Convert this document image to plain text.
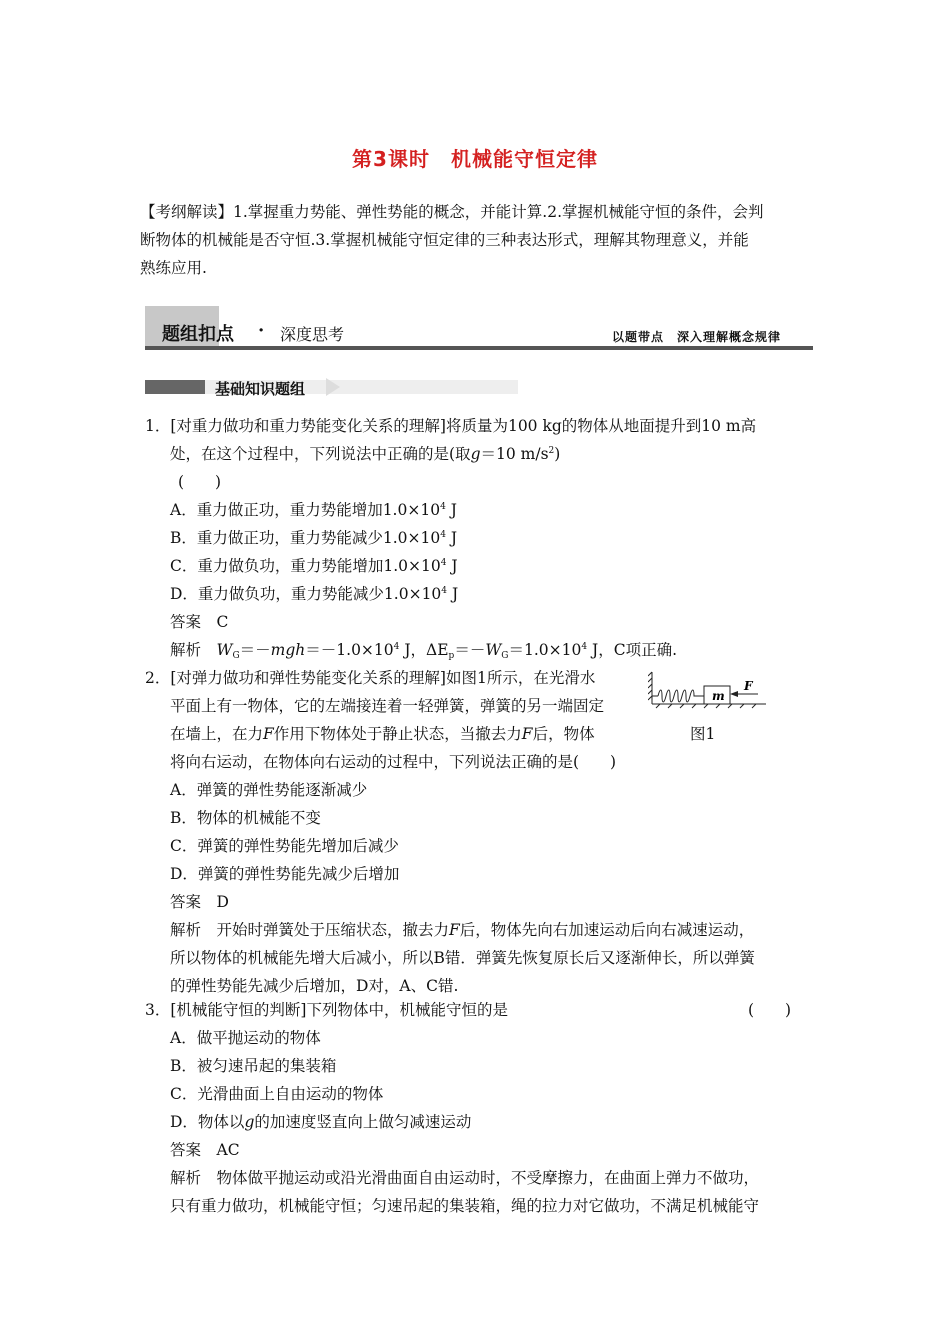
第3课时　机械能守恒定律
【考纲解读】1.掌握重力势能、弹性势能的概念，并能计算.2.掌握机械能守恒的条件，会判
断物体的机械能是否守恒.3.掌握机械能守恒定律的三种表达形式，理解其物理意义，并能
熟练应用.
题组扣点 · 深度思考	以题带点　深入理解概念规律
基础知识题组
1．[对重力做功和重力势能变化关系的理解]将质量为100 kg的物体从地面提升到10 m高
处，在这个过程中，下列说法中正确的是(取g＝10 $m/s^2$)
(　　)
A．重力做正功，重力势能增加$1.0\times 10^4$ J
B．重力做正功，重力势能减少$1.0\times 10^4$ J
C．重力做负功，重力势能增加$1.0\times 10^4$ J
D．重力做负功，重力势能减少$1.0\times 10^4$ J
答案　C
解析　$W_G=-mgh=-1.0\times 10^4$ J，$\Delta E_p=-W_G=1.0\times 10^4$ J，C项正确.
2．[对弹力做功和弹性势能变化关系的理解]如图1所示，在光滑水
平面上有一物体，它的左端接连着一轻弹簧，弹簧的另一端固定
在墙上，在力F作用下物体处于静止状态，当撤去力F后，物体
将向右运动，在物体向右运动的过程中，下列说法正确的是(　　)
m
F
图1
A．弹簧的弹性势能逐渐减少
B．物体的机械能不变
C．弹簧的弹性势能先增加后减少
D．弹簧的弹性势能先减少后增加
答案　D
解析　开始时弹簧处于压缩状态，撤去力F后，物体先向右加速运动后向右减速运动，
所以物体的机械能先增大后减小，所以B错．弹簧先恢复原长后又逐渐伸长，所以弹簧
的弹性势能先减少后增加，D对，A、C错.
3．[机械能守恒的判断]下列物体中，机械能守恒的是	(　　)
A．做平抛运动的物体
B．被匀速吊起的集装箱
C．光滑曲面上自由运动的物体
D．物体以g的加速度竖直向上做匀减速运动
答案　AC
解析　物体做平抛运动或沿光滑曲面自由运动时，不受摩擦力，在曲面上弹力不做功，
只有重力做功，机械能守恒；匀速吊起的集装箱，绳的拉力对它做功，不满足机械能守
